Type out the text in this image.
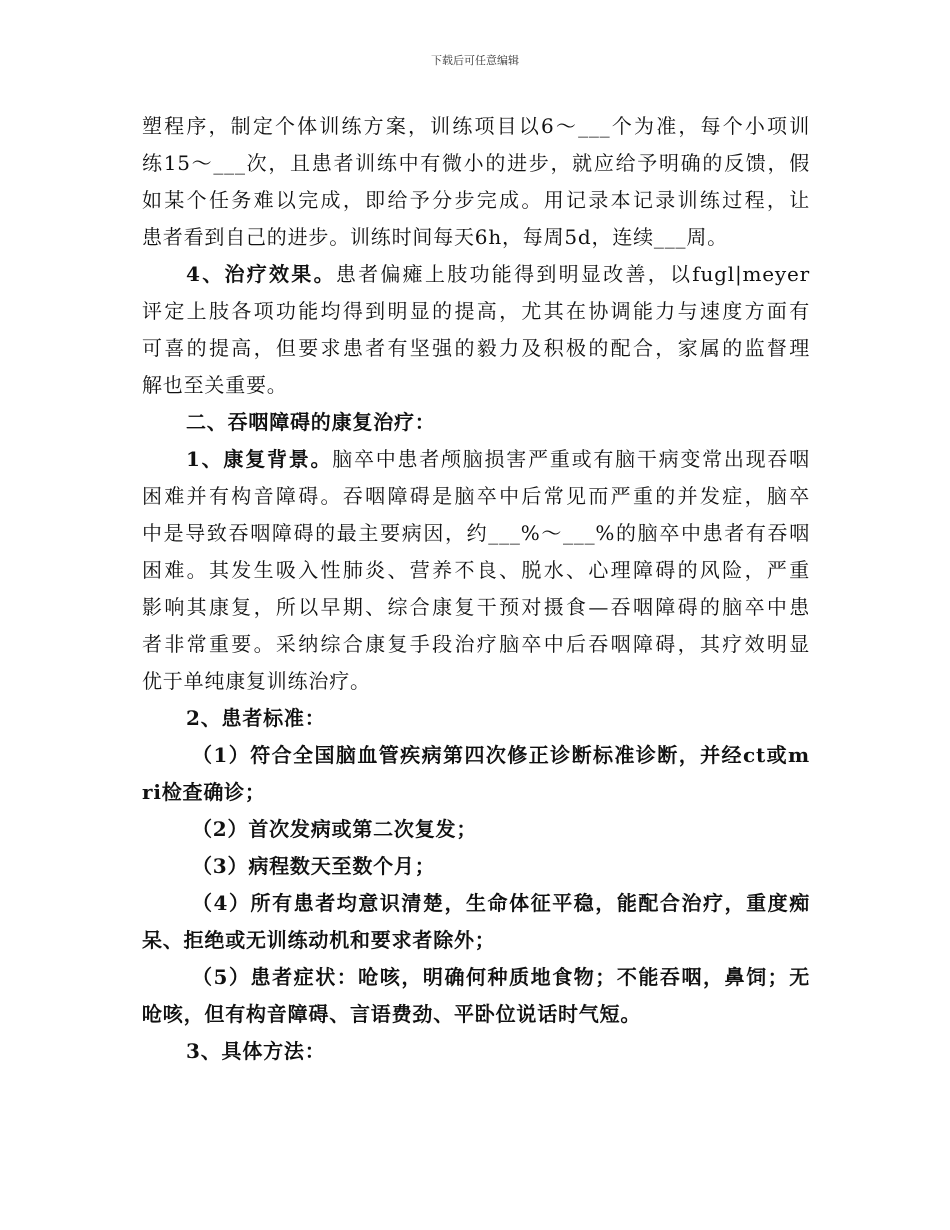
下载后可任意编辑
塑程序，制定个体训练方案，训练项目以6～___个为准，每个小项训
练15～___次，且患者训练中有微小的进步，就应给予明确的反馈，假
如某个任务难以完成，即给予分步完成。用记录本记录训练过程，让
患者看到自己的进步。训练时间每天6h，每周5d，连续___周。
4、治疗效果。患者偏瘫上肢功能得到明显改善，以fugl|meyer
评定上肢各项功能均得到明显的提高，尤其在协调能力与速度方面有
可喜的提高，但要求患者有坚强的毅力及积极的配合，家属的监督理
解也至关重要。
二、吞咽障碍的康复治疗：
1、康复背景。脑卒中患者颅脑损害严重或有脑干病变常出现吞咽
困难并有构音障碍。吞咽障碍是脑卒中后常见而严重的并发症，脑卒
中是导致吞咽障碍的最主要病因，约___%～___%的脑卒中患者有吞咽
困难。其发生吸入性肺炎、营养不良、脱水、心理障碍的风险，严重
影响其康复，所以早期、综合康复干预对摄食—吞咽障碍的脑卒中患
者非常重要。采纳综合康复手段治疗脑卒中后吞咽障碍，其疗效明显
优于单纯康复训练治疗。
2、患者标准：
（1）符合全国脑血管疾病第四次修正诊断标准诊断，并经ct或m
ri检查确诊；
（2）首次发病或第二次复发；
（3）病程数天至数个月；
（4）所有患者均意识清楚，生命体征平稳，能配合治疗，重度痴
呆、拒绝或无训练动机和要求者除外；
（5）患者症状：呛咳，明确何种质地食物；不能吞咽，鼻饲；无
呛咳，但有构音障碍、言语费劲、平卧位说话时气短。
3、具体方法：
